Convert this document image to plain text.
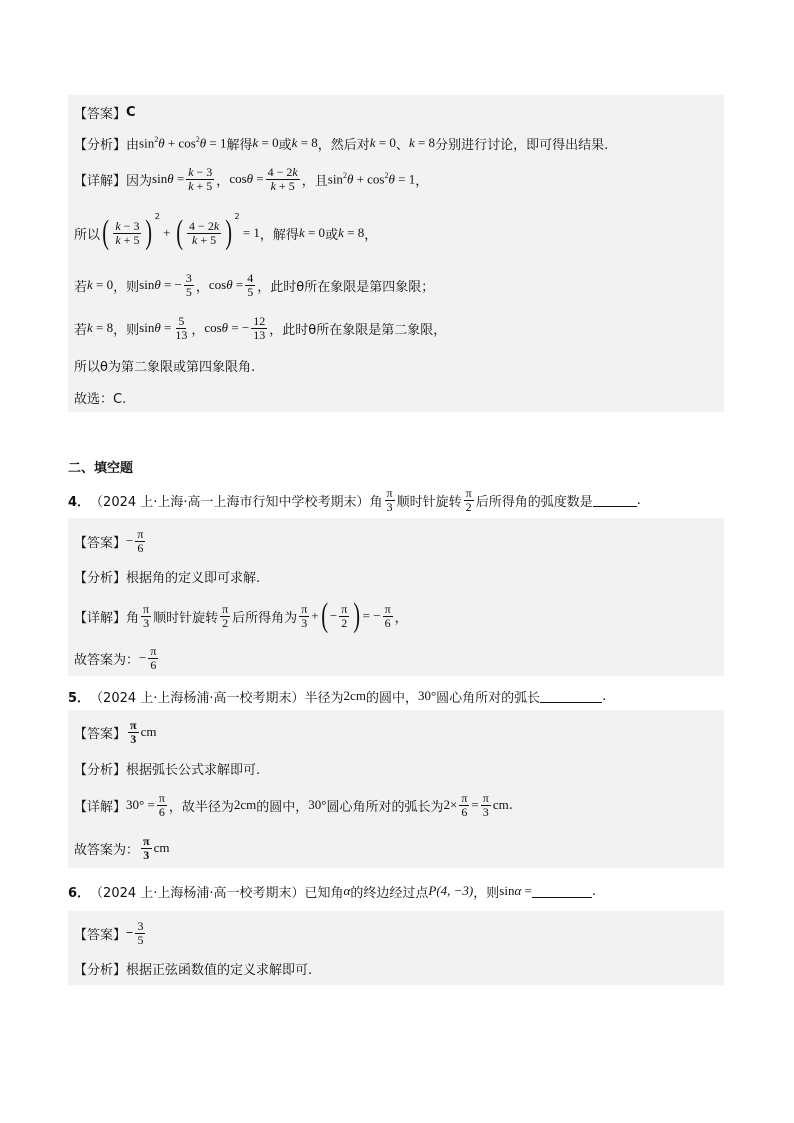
【答案】 C
【分析】 由 $\sin^2\theta + \cos^2\theta = 1$ 解得 k = 0 或 k = 8 ，然后对 k = 0 、 k = 8 分别进行讨论，即可得出结果.
【详解】 因为 $\sin\theta = \frac{k - 3}{k + 5}$ ， $\cos\theta = \frac{4 - 2k}{k + 5}$ ，且 $\sin^2\theta + \cos^2\theta = 1$ ，
所以 ( $\frac{k - 3}{k + 5}$ ) $^2$
+ ( $\frac{4 - 2k}{k + 5}$ ) $^2$
= 1 ，解得 k = 0 或 k = 8 ，
若 k = 0 ，则 sinθ = − $\frac{3}{5}$ ， $\cos\theta = \frac{4}{5}$ ，此时θ所在象限是第四象限；
若 k = 8 ，则 $\sin\theta = \frac{5}{13}$ ， cosθ = − $\frac{12}{13}$ ，此时θ所在象限是第二象限，
所以θ为第二象限或第四象限角.
故选：C.
二、填空题
4． （2024 上·上海·高一上海市行知中学校考期末） 角 $\frac{\pi}{3}$ 顺时针旋转 $\frac{\pi}{2}$ 后所得角的弧度数是	.
【答案】 − $\frac{\pi}{6}$
【分析】 根据角的定义即可求解.
【详解】 角 $\frac{\pi}{3}$ 顺时针旋转 $\frac{\pi}{2}$ 后所得角为 $\frac{\pi}{3}$ + ( − $\frac{\pi}{2}$ ) = − $\frac{\pi}{6}$ ，
故答案为： − $\frac{\pi}{6}$
5． （2024 上·上海杨浦·高一校考期末） 半径为 2cm 的圆中， 30° 圆心角所对的弧长	.
【答案】 $\frac{\pi}{3}$ cm
【分析】 根据弧长公式求解即可.
【详解】 $30^\circ = \frac{\pi}{6}$ ，故半径为 2cm 的圆中， 30° 圆心角所对的弧长为 $2\times \frac{\pi}{6} = \frac{\pi}{3}$ cm .
故答案为： $\frac{\pi}{3}$ cm
6． （2024 上·上海杨浦·高一校考期末） 已知角 α 的终边经过点 P(4, −3) ，则 sinα =	.
【答案】 − $\frac{3}{5}$
【分析】 根据正弦函数值的定义求解即可.
